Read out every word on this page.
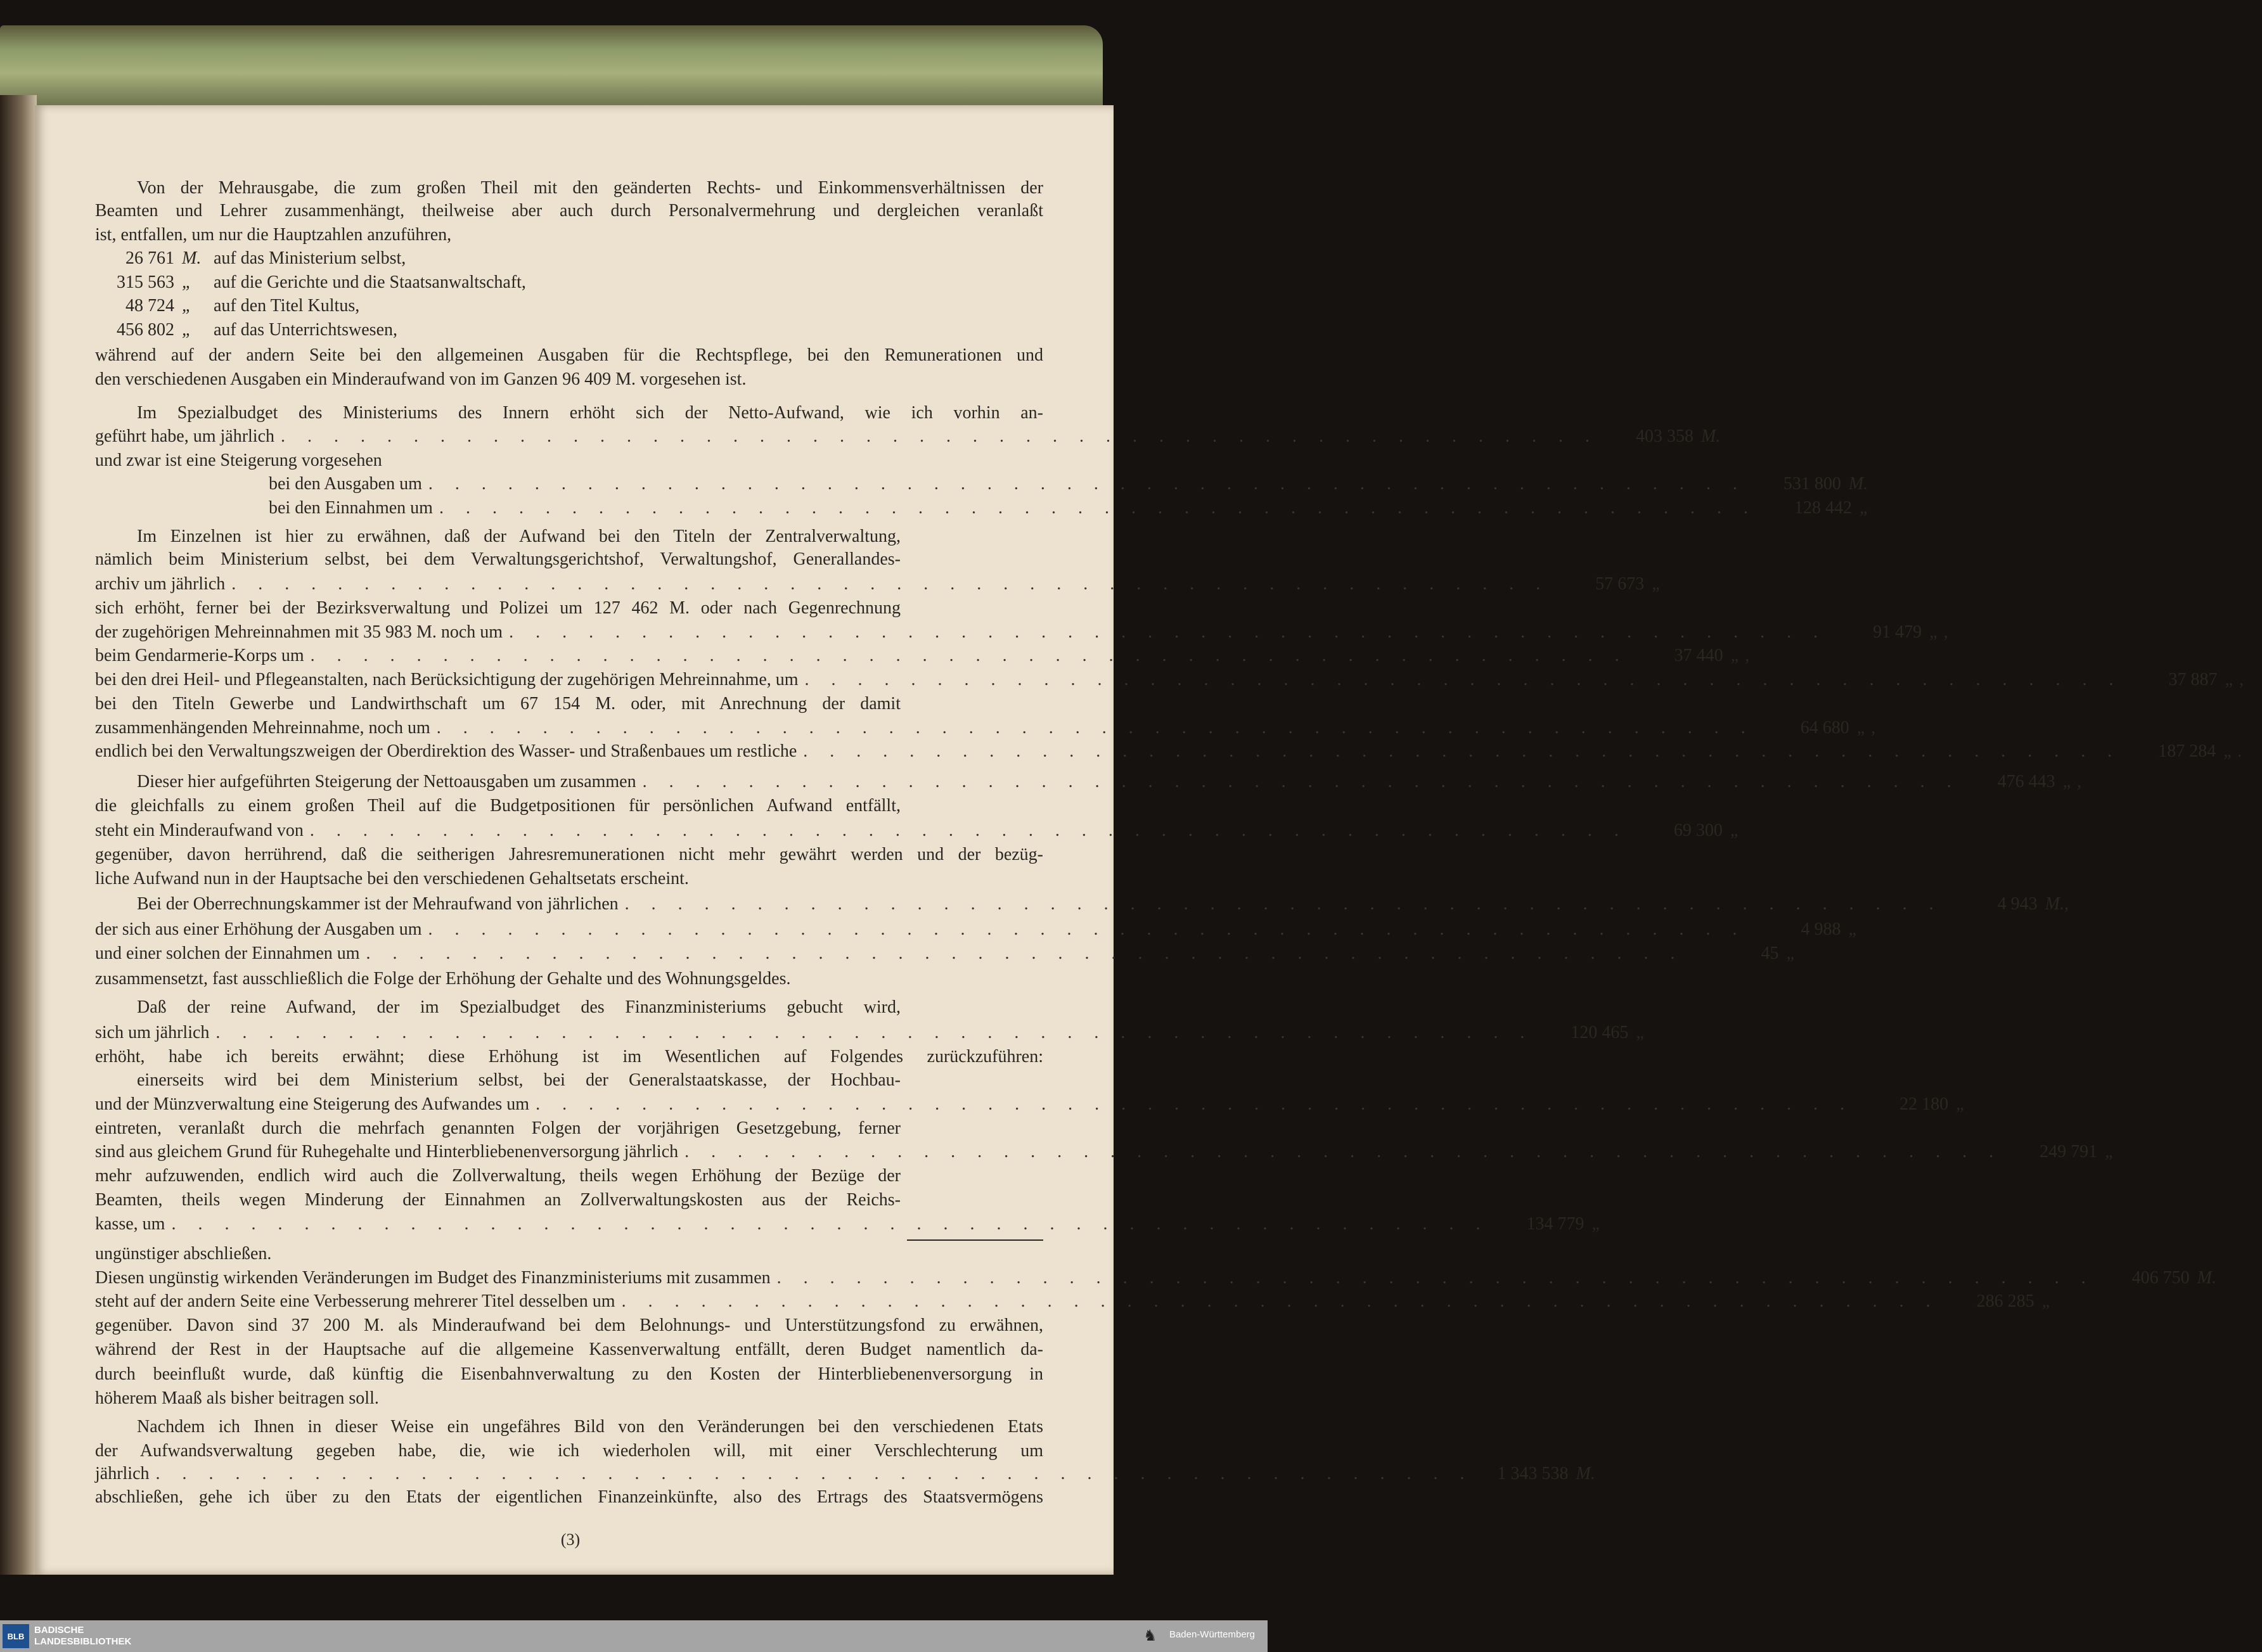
Von der Mehrausgabe, die zum großen Theil mit den geänderten Rechts- und Einkommensverhältnissen der
Beamten und Lehrer zusammenhängt, theilweise aber auch durch Personalvermehrung und dergleichen veranlaßt
ist, entfallen, um nur die Hauptzahlen anzuführen,
26 761 M. auf das Ministerium selbst,
315 563 „	auf die Gerichte und die Staatsanwaltschaft,
48 724 „	auf den Titel Kultus,
456 802 „	auf das Unterrichtswesen,
während auf der andern Seite bei den allgemeinen Ausgaben für die Rechtspflege, bei den Remunerationen und
den verschiedenen Ausgaben ein Minderaufwand von im Ganzen 96 409 M. vorgesehen ist.
Im Spezialbudget des Ministeriums des Innern erhöht sich der Netto-Aufwand, wie ich vorhin an-
geführt habe, um jährlich . . . . . . . . . . . . . . . . . . . . . . . . . . . . . . . . . . . . . . . . . . . . . . . . . .	403 358 M.
und zwar ist eine Steigerung vorgesehen
bei den Ausgaben um . . . . . . . . . . . . . . . . . . . . . . . . . . . . . . . . . . . . . . . . . . . . . . . . . .	531 800 M.
bei den Einnahmen um . . . . . . . . . . . . . . . . . . . . . . . . . . . . . . . . . . . . . . . . . . . . . . . . . .	128 442 „
Im Einzelnen ist hier zu erwähnen, daß der Aufwand bei den Titeln der Zentralverwaltung,
nämlich beim Ministerium selbst, bei dem Verwaltungsgerichtshof, Verwaltungshof, Generallandes-
archiv um jährlich . . . . . . . . . . . . . . . . . . . . . . . . . . . . . . . . . . . . . . . . . . . . . . . . . .	57 673 „
sich erhöht, ferner bei der Bezirksverwaltung und Polizei um 127 462 M. oder nach Gegenrechnung
der zugehörigen Mehreinnahmen mit 35 983 M. noch um . . . . . . . . . . . . . . . . . . . . . . . . . . . . . . . . . . . . . . . . . . . . . . . . . .	91 479 „ ,
beim Gendarmerie-Korps um . . . . . . . . . . . . . . . . . . . . . . . . . . . . . . . . . . . . . . . . . . . . . . . . . .	37 440 „ ,
bei den drei Heil- und Pflegeanstalten, nach Berücksichtigung der zugehörigen Mehreinnahme, um . . . . . . . . . . . . . . . . . . . . . . . . . . . . . . . . . . . . . . . . . . . . . . . . . .	37 887 „ ,
bei den Titeln Gewerbe und Landwirthschaft um 67 154 M. oder, mit Anrechnung der damit
zusammenhängenden Mehreinnahme, noch um . . . . . . . . . . . . . . . . . . . . . . . . . . . . . . . . . . . . . . . . . . . . . . . . . .	64 680 „ ,
endlich bei den Verwaltungszweigen der Oberdirektion des Wasser- und Straßenbaues um restliche . . . . . . . . . . . . . . . . . . . . . . . . . . . . . . . . . . . . . . . . . . . . . . . . . .	187 284 „ .
Dieser hier aufgeführten Steigerung der Nettoausgaben um zusammen . . . . . . . . . . . . . . . . . . . . . . . . . . . . . . . . . . . . . . . . . . . . . . . . . .	476 443 „ ,
die gleichfalls zu einem großen Theil auf die Budgetpositionen für persönlichen Aufwand entfällt,
steht ein Minderaufwand von . . . . . . . . . . . . . . . . . . . . . . . . . . . . . . . . . . . . . . . . . . . . . . . . . .	69 300 „
gegenüber, davon herrührend, daß die seitherigen Jahresremunerationen nicht mehr gewährt werden und der bezüg-
liche Aufwand nun in der Hauptsache bei den verschiedenen Gehaltsetats erscheint.
Bei der Oberrechnungskammer ist der Mehraufwand von jährlichen . . . . . . . . . . . . . . . . . . . . . . . . . . . . . . . . . . . . . . . . . . . . . . . . . .	4 943 M.,
der sich aus einer Erhöhung der Ausgaben um . . . . . . . . . . . . . . . . . . . . . . . . . . . . . . . . . . . . . . . . . . . . . . . . . .	4 988 „
und einer solchen der Einnahmen um . . . . . . . . . . . . . . . . . . . . . . . . . . . . . . . . . . . . . . . . . . . . . . . . . .	45 „
zusammensetzt, fast ausschließlich die Folge der Erhöhung der Gehalte und des Wohnungsgeldes.
Daß der reine Aufwand, der im Spezialbudget des Finanzministeriums gebucht wird,
sich um jährlich . . . . . . . . . . . . . . . . . . . . . . . . . . . . . . . . . . . . . . . . . . . . . . . . . .	120 465 „
erhöht, habe ich bereits erwähnt; diese Erhöhung ist im Wesentlichen auf Folgendes zurückzuführen:
einerseits wird bei dem Ministerium selbst, bei der Generalstaatskasse, der Hochbau-
und der Münzverwaltung eine Steigerung des Aufwandes um . . . . . . . . . . . . . . . . . . . . . . . . . . . . . . . . . . . . . . . . . . . . . . . . . .	22 180 „
eintreten, veranlaßt durch die mehrfach genannten Folgen der vorjährigen Gesetzgebung, ferner
sind aus gleichem Grund für Ruhegehalte und Hinterbliebenenversorgung jährlich . . . . . . . . . . . . . . . . . . . . . . . . . . . . . . . . . . . . . . . . . . . . . . . . . .	249 791 „
mehr aufzuwenden, endlich wird auch die Zollverwaltung, theils wegen Erhöhung der Bezüge der
Beamten, theils wegen Minderung der Einnahmen an Zollverwaltungskosten aus der Reichs-
kasse, um . . . . . . . . . . . . . . . . . . . . . . . . . . . . . . . . . . . . . . . . . . . . . . . . . .	134 779 „
ungünstiger abschließen.
Diesen ungünstig wirkenden Veränderungen im Budget des Finanzministeriums mit zusammen . . . . . . . . . . . . . . . . . . . . . . . . . . . . . . . . . . . . . . . . . . . . . . . . . .	406 750 M.
steht auf der andern Seite eine Verbesserung mehrerer Titel desselben um . . . . . . . . . . . . . . . . . . . . . . . . . . . . . . . . . . . . . . . . . . . . . . . . . .	286 285 „
gegenüber. Davon sind 37 200 M. als Minderaufwand bei dem Belohnungs- und Unterstützungsfond zu erwähnen,
während der Rest in der Hauptsache auf die allgemeine Kassenverwaltung entfällt, deren Budget namentlich da-
durch beeinflußt wurde, daß künftig die Eisenbahnverwaltung zu den Kosten der Hinterbliebenenversorgung in
höherem Maaß als bisher beitragen soll.
Nachdem ich Ihnen in dieser Weise ein ungefähres Bild von den Veränderungen bei den verschiedenen Etats
der Aufwandsverwaltung gegeben habe, die, wie ich wiederholen will, mit einer Verschlechterung um
jährlich . . . . . . . . . . . . . . . . . . . . . . . . . . . . . . . . . . . . . . . . . . . . . . . . . .	1 343 538 M.
abschließen, gehe ich über zu den Etats der eigentlichen Finanzeinkünfte, also des Ertrags des Staatsvermögens
(3)
BLB
BADISCHE
LANDESBIBLIOTHEK	♞ Baden-Württemberg
